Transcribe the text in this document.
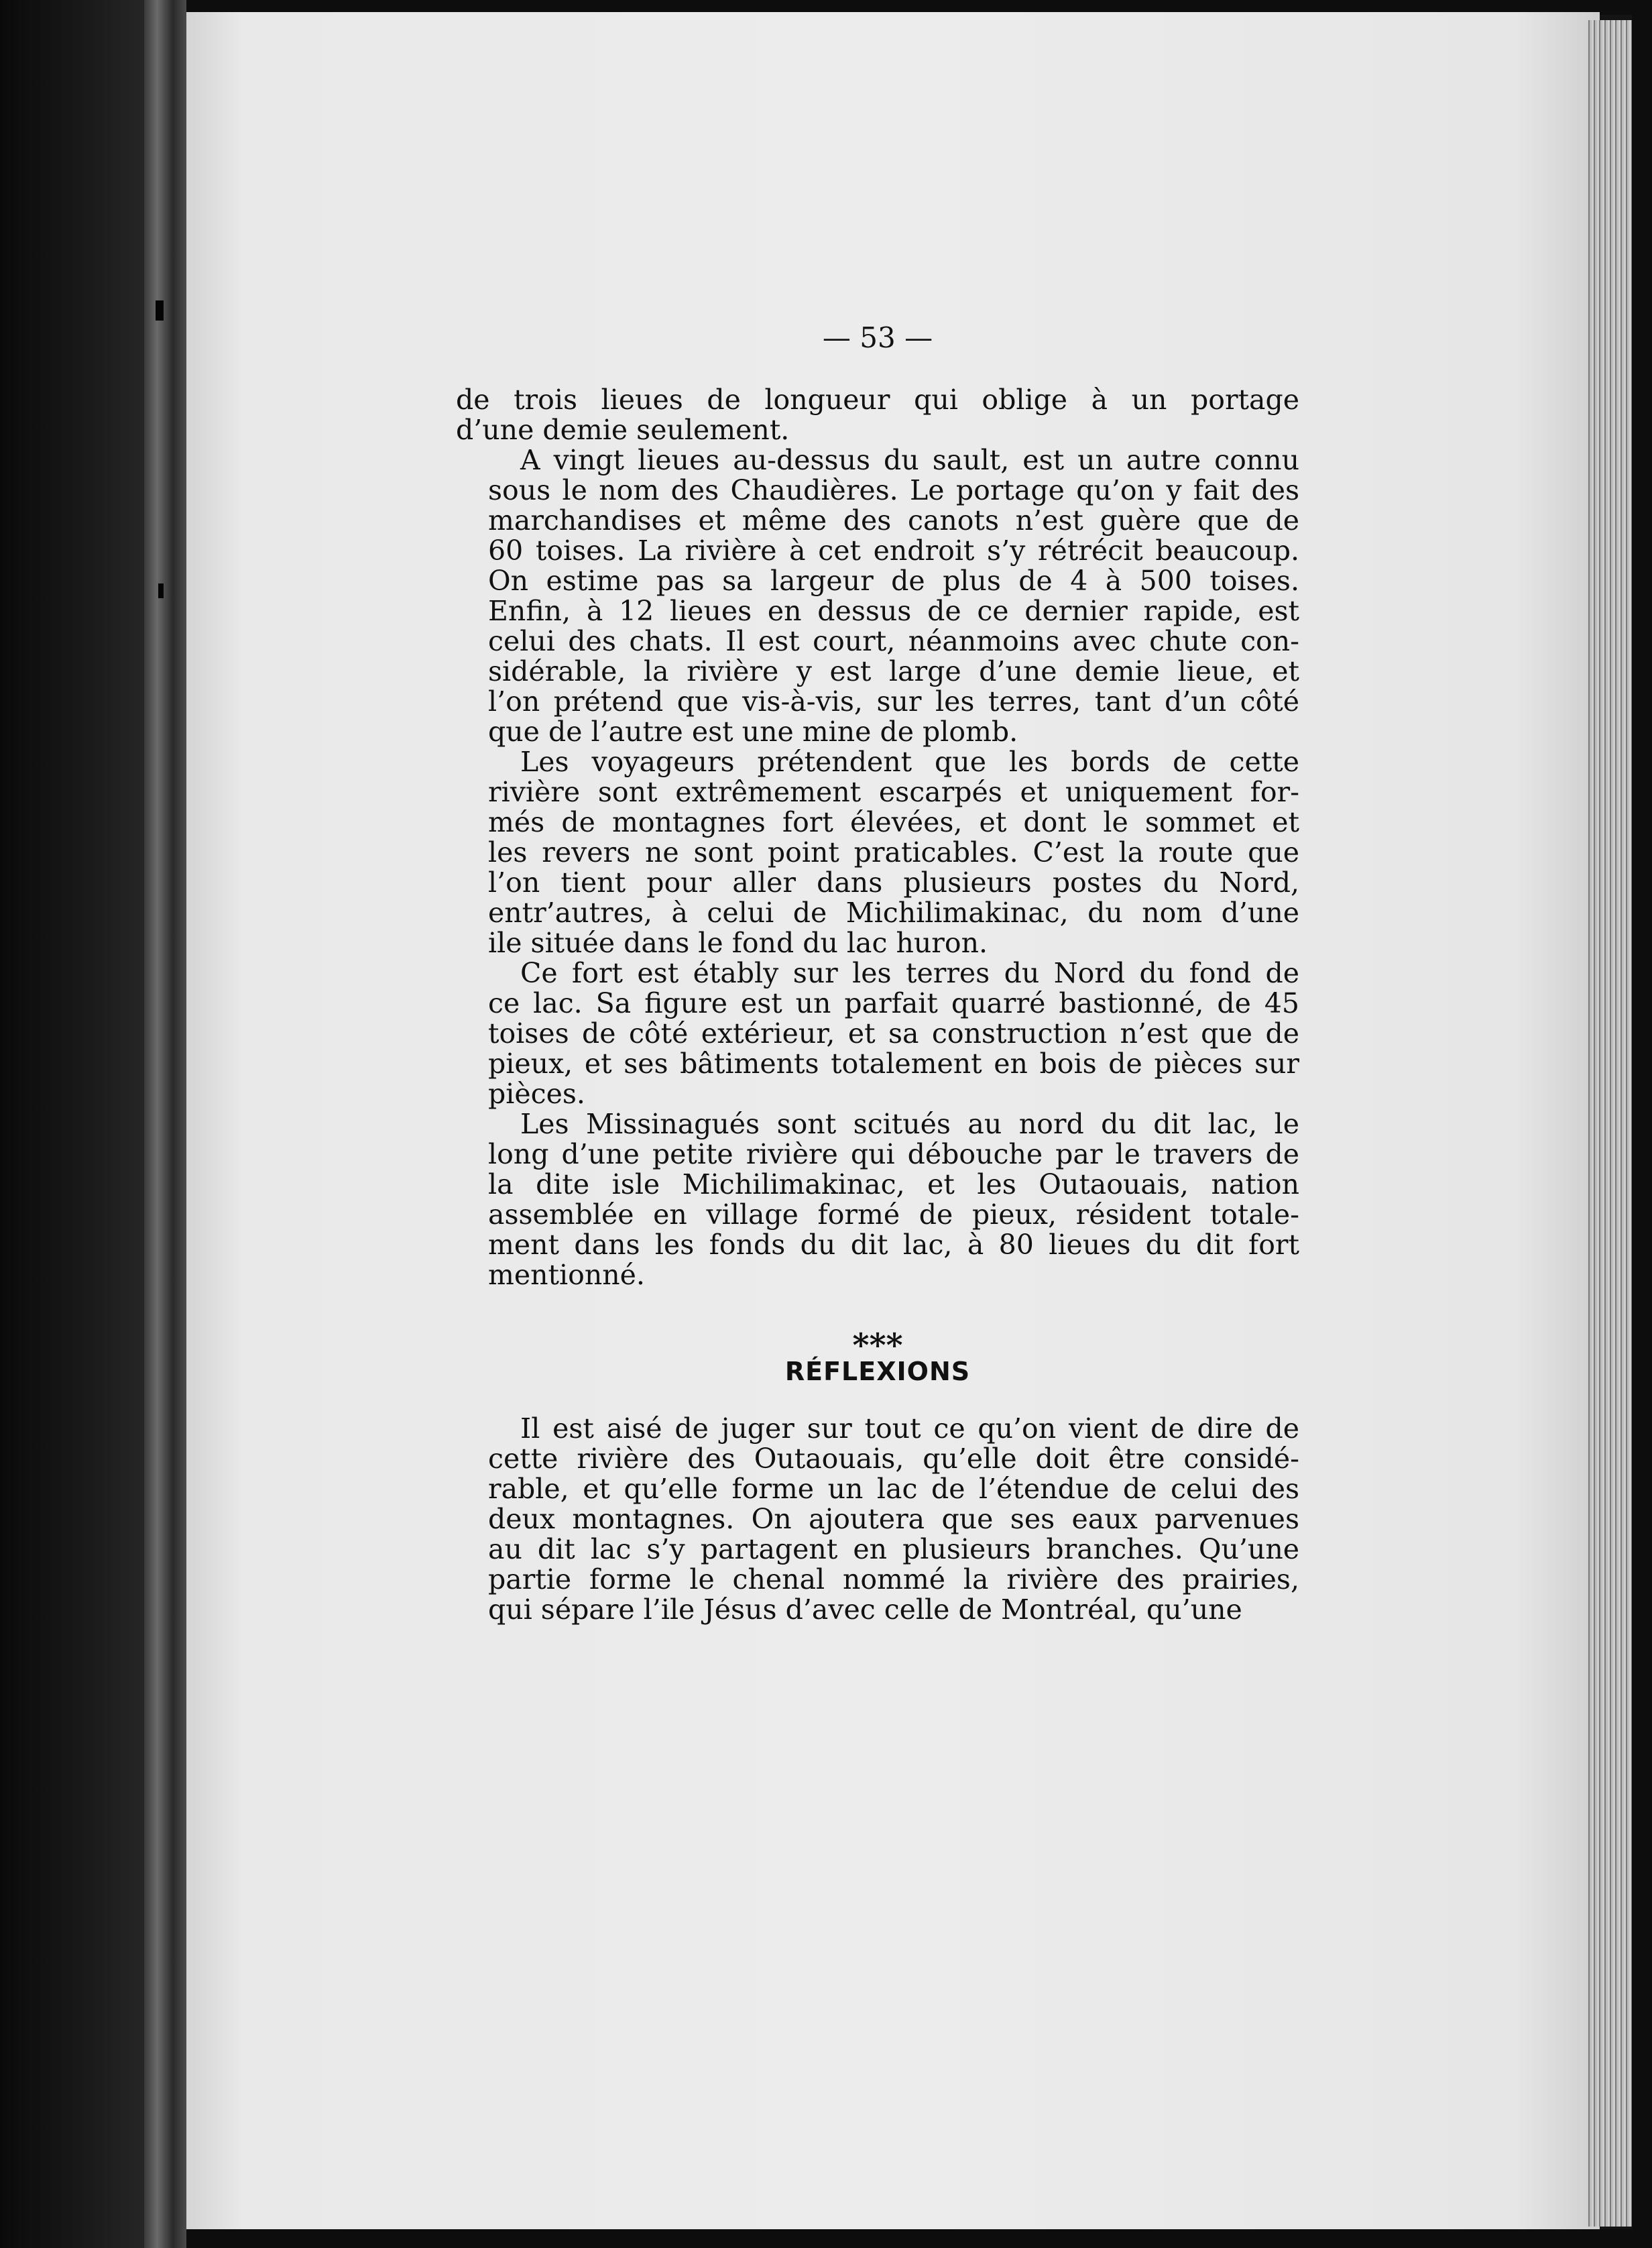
— 53 —

de trois lieues de longueur qui oblige à un portage
d’une demie seulement.

A vingt lieues au-dessus du sault, est un autre connu
sous le nom des Chaudières. Le portage qu’on y fait des
marchandises et même des canots n’est guère que de
60 toises. La rivière à cet endroit s’y rétrécit beaucoup.
On estime pas sa largeur de plus de 4 à 500 toises.
Enfin, à 12 lieues en dessus de ce dernier rapide, est
celui des chats. Il est court, néanmoins avec chute con-
sidérable, la rivière y est large d’une demie lieue, et
l’on prétend que vis-à-vis, sur les terres, tant d’un côté
que de l’autre est une mine de plomb.

Les voyageurs prétendent que les bords de cette
rivière sont extrêmement escarpés et uniquement for-
més de montagnes fort élevées, et dont le sommet et
les revers ne sont point praticables. C’est la route que
l’on tient pour aller dans plusieurs postes du Nord,
entr’autres, à celui de Michilimakinac, du nom d’une
ile située dans le fond du lac huron.

Ce fort est étably sur les terres du Nord du fond de
ce lac. Sa figure est un parfait quarré bastionné, de 45
toises de côté extérieur, et sa construction n’est que de
pieux, et ses bâtiments totalement en bois de pièces sur
pièces.

Les Missinagués sont scitués au nord du dit lac, le
long d’une petite rivière qui débouche par le travers de
la dite isle Michilimakinac, et les Outaouais, nation
assemblée en village formé de pieux, résident totale-
ment dans les fonds du dit lac, à 80 lieues du dit fort
mentionné.

⁎⁎⁎
RÉFLEXIONS

Il est aisé de juger sur tout ce qu’on vient de dire de
cette rivière des Outaouais, qu’elle doit être considé-
rable, et qu’elle forme un lac de l’étendue de celui des
deux montagnes. On ajoutera que ses eaux parvenues
au dit lac s’y partagent en plusieurs branches. Qu’une
partie forme le chenal nommé la rivière des prairies,
qui sépare l’ile Jésus d’avec celle de Montréal, qu’une
